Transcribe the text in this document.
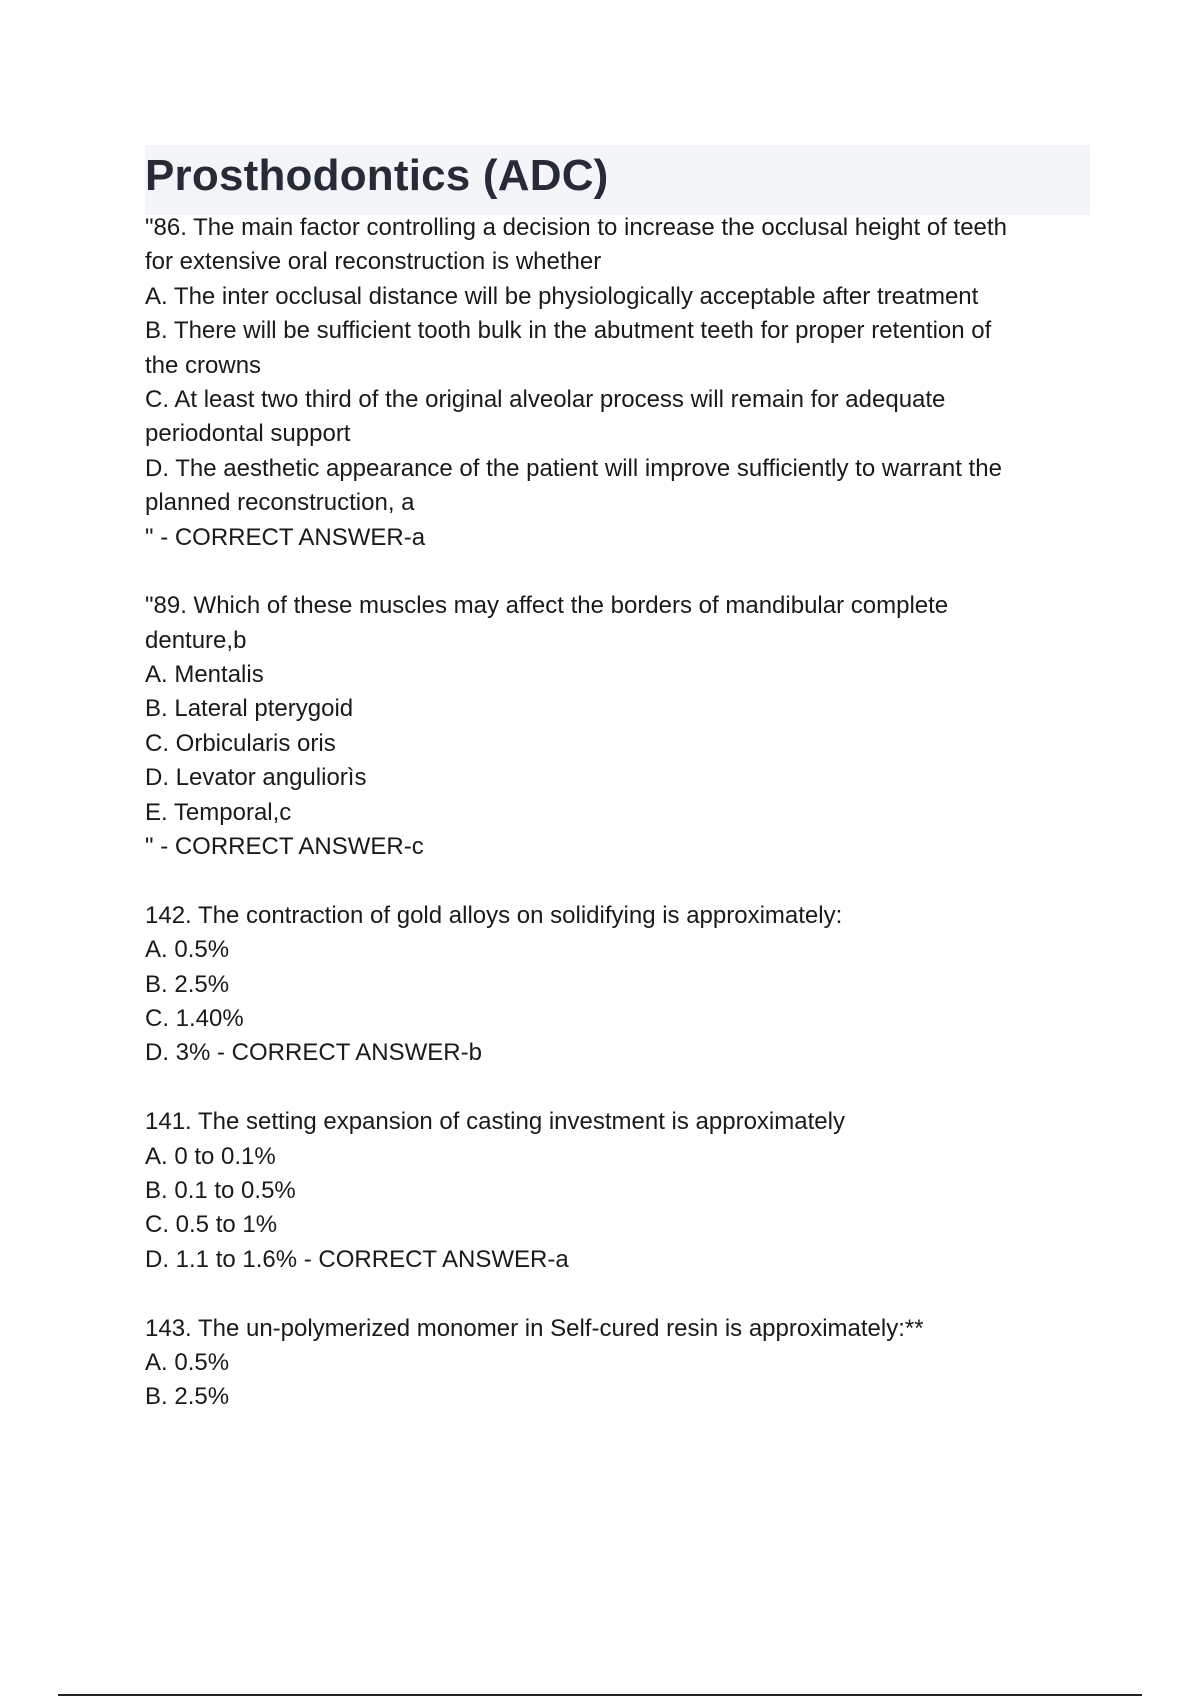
Prosthodontics (ADC)
"86. The main factor controlling a decision to increase the occlusal height of teeth
for extensive oral reconstruction is whether
A. The inter occlusal distance will be physiologically acceptable after treatment
B. There will be sufficient tooth bulk in the abutment teeth for proper retention of
the crowns
C. At least two third of the original alveolar process will remain for adequate
periodontal support
D. The aesthetic appearance of the patient will improve sufficiently to warrant the
planned reconstruction, a
" - CORRECT ANSWER-a
"89. Which of these muscles may affect the borders of mandibular complete
denture,b
A. Mentalis
B. Lateral pterygoid
C. Orbicularis oris
D. Levator anguliorìs
E. Temporal,c
" - CORRECT ANSWER-c
142. The contraction of gold alloys on solidifying is approximately:
A. 0.5%
B. 2.5%
C. 1.40%
D. 3% - CORRECT ANSWER-b
141. The setting expansion of casting investment is approximately
A. 0 to 0.1%
B. 0.1 to 0.5%
C. 0.5 to 1%
D. 1.1 to 1.6% - CORRECT ANSWER-a
143. The un-polymerized monomer in Self-cured resin is approximately:**
A. 0.5%
B. 2.5%
